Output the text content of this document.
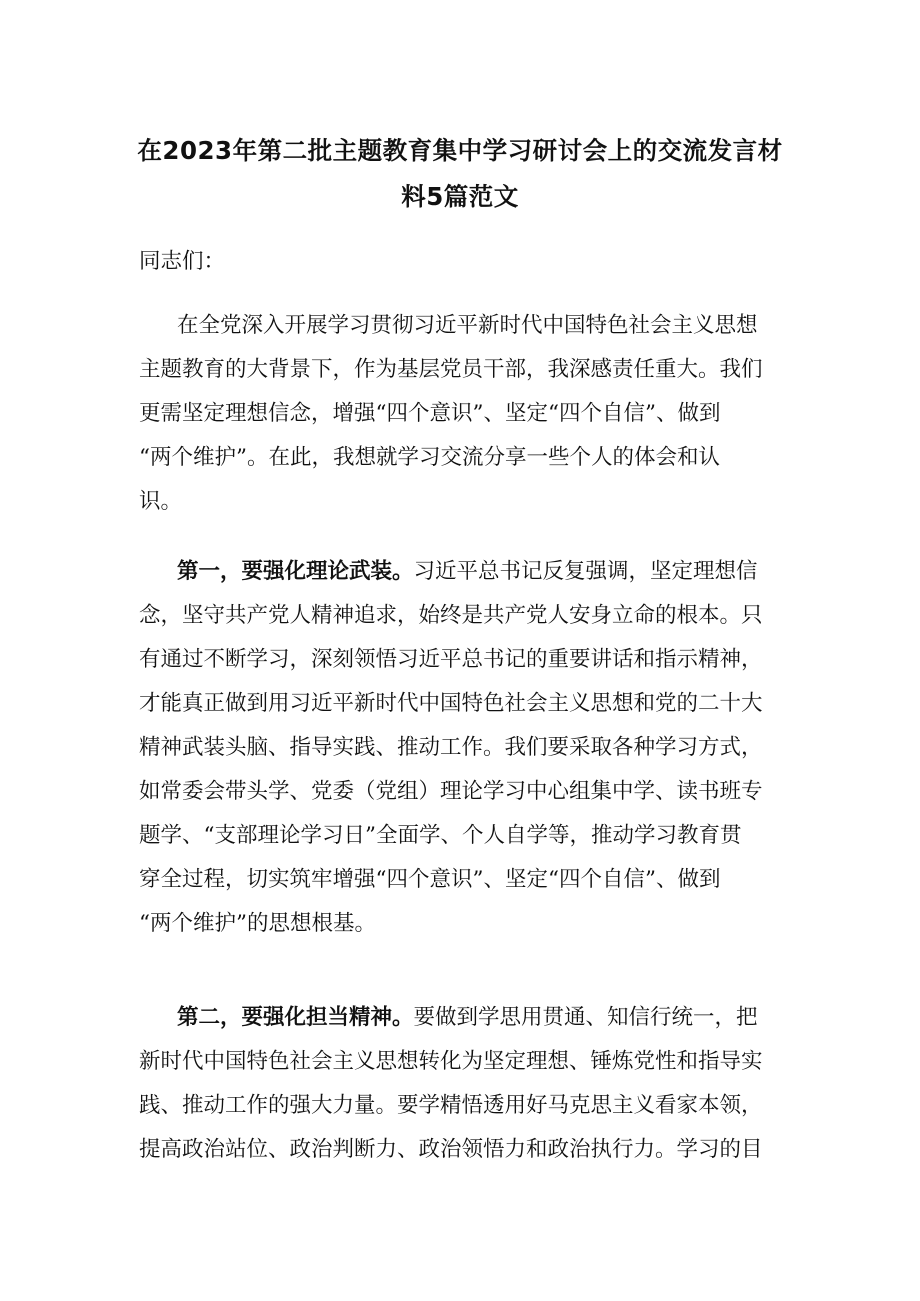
在2023年第二批主题教育集中学习研讨会上的交流发言材
料5篇范文
同志们：
在全党深入开展学习贯彻习近平新时代中国特色社会主义思想
主题教育的大背景下，作为基层党员干部，我深感责任重大。我们
更需坚定理想信念，增强“四个意识”、坚定“四个自信”、做到
“两个维护”。在此，我想就学习交流分享一些个人的体会和认
识。
第一，要强化理论武装。习近平总书记反复强调，坚定理想信
念，坚守共产党人精神追求，始终是共产党人安身立命的根本。只
有通过不断学习，深刻领悟习近平总书记的重要讲话和指示精神，
才能真正做到用习近平新时代中国特色社会主义思想和党的二十大
精神武装头脑、指导实践、推动工作。我们要采取各种学习方式，
如常委会带头学、党委（党组）理论学习中心组集中学、读书班专
题学、“支部理论学习日”全面学、个人自学等，推动学习教育贯
穿全过程，切实筑牢增强“四个意识”、坚定“四个自信”、做到
“两个维护”的思想根基。
第二，要强化担当精神。要做到学思用贯通、知信行统一，把
新时代中国特色社会主义思想转化为坚定理想、锤炼党性和指导实
践、推动工作的强大力量。要学精悟透用好马克思主义看家本领，
提高政治站位、政治判断力、政治领悟力和政治执行力。学习的目
